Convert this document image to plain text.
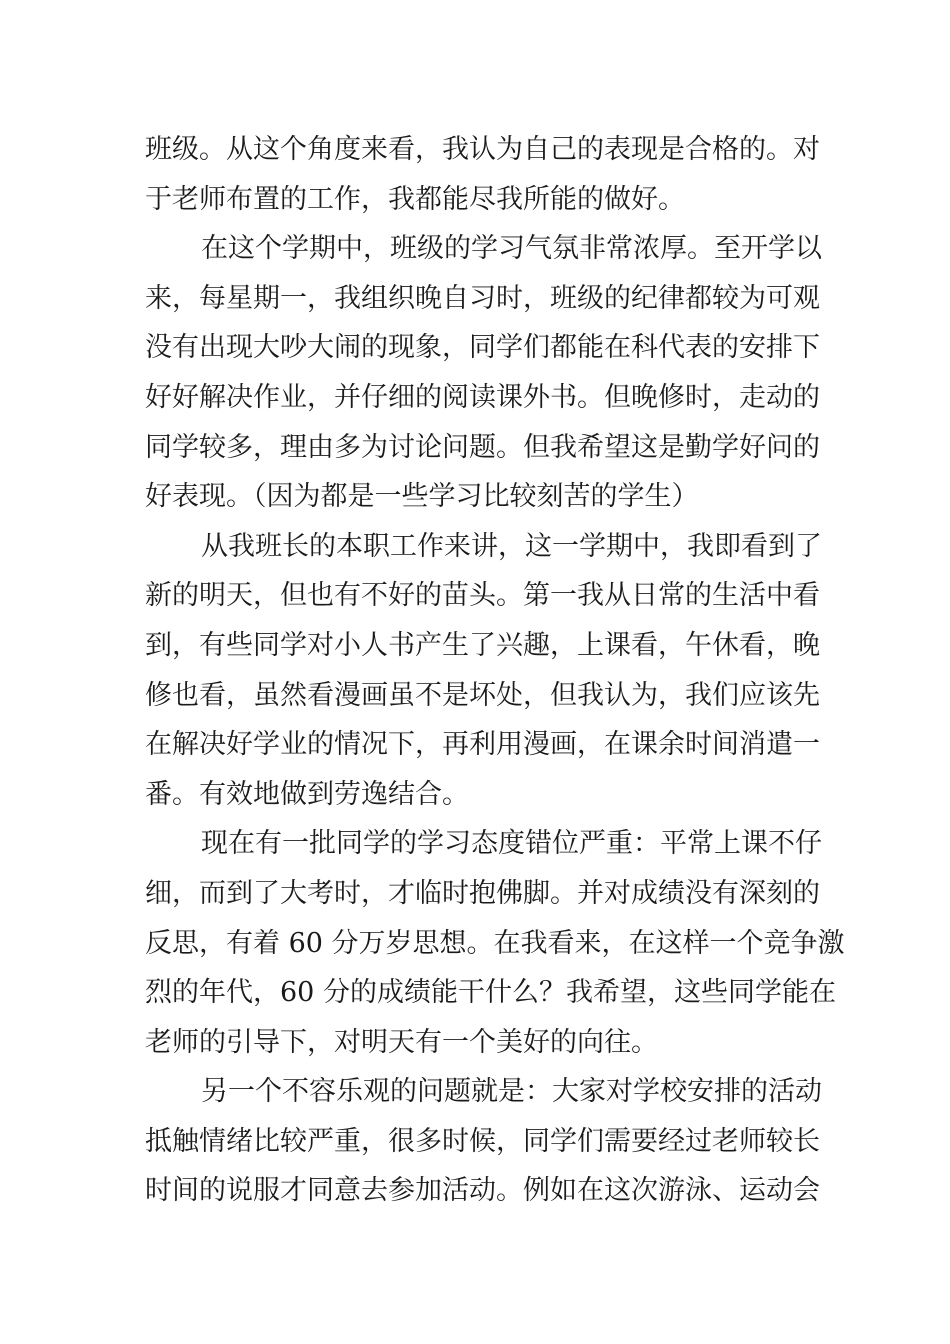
班级。从这个角度来看，我认为自己的表现是合格的。对
于老师布置的工作，我都能尽我所能的做好。
在这个学期中，班级的学习气氛非常浓厚。至开学以
来，每星期一，我组织晚自习时，班级的纪律都较为可观
没有出现大吵大闹的现象，同学们都能在科代表的安排下
好好解决作业，并仔细的阅读课外书。但晚修时，走动的
同学较多，理由多为讨论问题。但我希望这是勤学好问的
好表现。（因为都是一些学习比较刻苦的学生）
从我班长的本职工作来讲，这一学期中，我即看到了
新的明天，但也有不好的苗头。第一我从日常的生活中看
到，有些同学对小人书产生了兴趣，上课看，午休看，晚
修也看，虽然看漫画虽不是坏处，但我认为，我们应该先
在解决好学业的情况下，再利用漫画，在课余时间消遣一
番。有效地做到劳逸结合。
现在有一批同学的学习态度错位严重：平常上课不仔
细，而到了大考时，才临时抱佛脚。并对成绩没有深刻的
反思，有着 60 分万岁思想。在我看来，在这样一个竞争激
烈的年代，60 分的成绩能干什么？我希望，这些同学能在
老师的引导下，对明天有一个美好的向往。
另一个不容乐观的问题就是：大家对学校安排的活动
抵触情绪比较严重，很多时候，同学们需要经过老师较长
时间的说服才同意去参加活动。例如在这次游泳、运动会
